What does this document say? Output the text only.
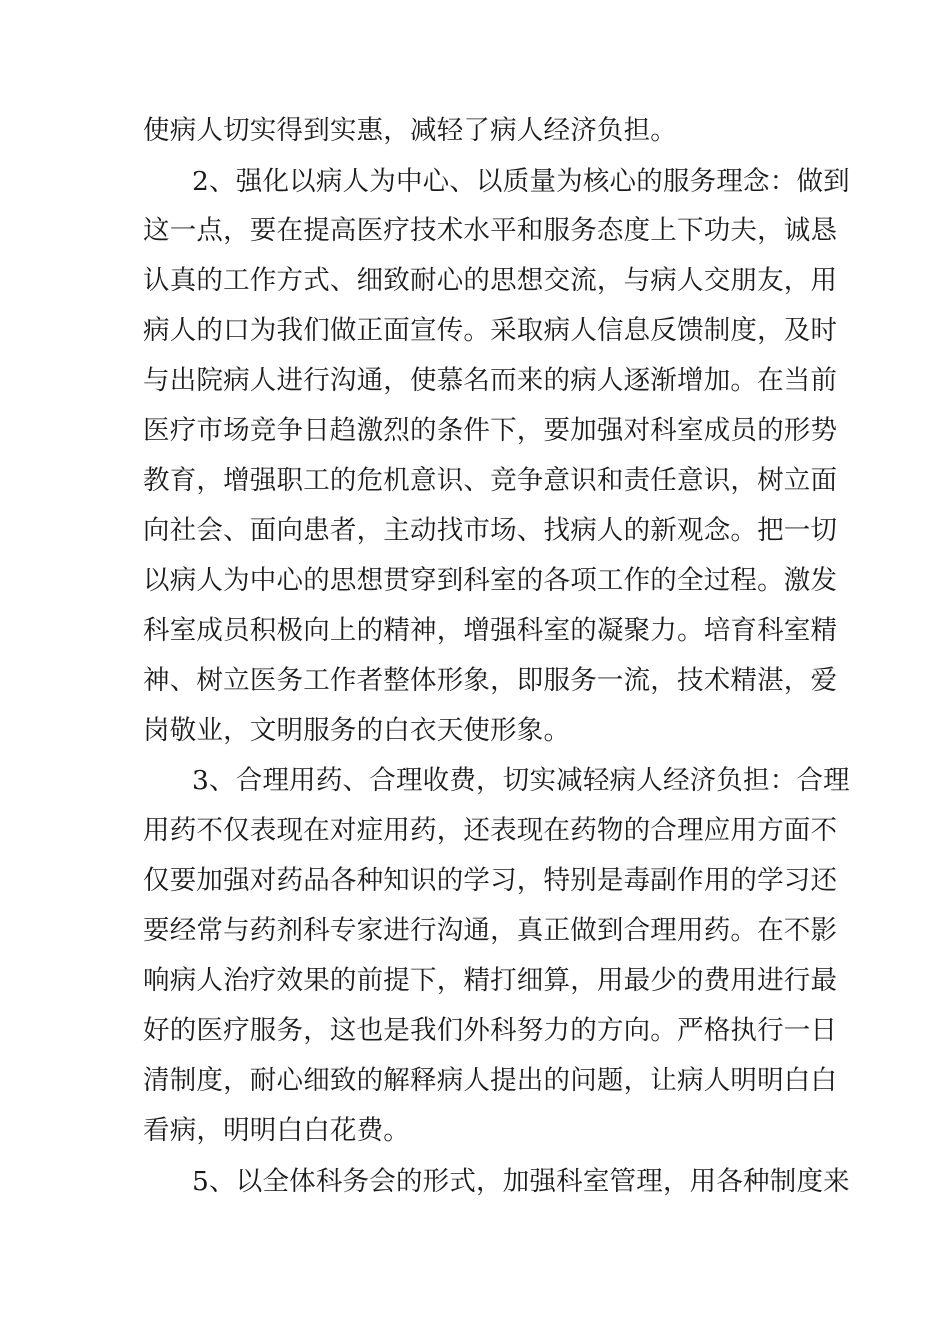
使病人切实得到实惠，减轻了病人经济负担。
2、强化以病人为中心、以质量为核心的服务理念：做到
这一点，要在提高医疗技术水平和服务态度上下功夫，诚恳
认真的工作方式、细致耐心的思想交流，与病人交朋友，用
病人的口为我们做正面宣传。采取病人信息反馈制度，及时
与出院病人进行沟通，使慕名而来的病人逐渐增加。在当前
医疗市场竞争日趋激烈的条件下，要加强对科室成员的形势
教育，增强职工的危机意识、竞争意识和责任意识，树立面
向社会、面向患者，主动找市场、找病人的新观念。把一切
以病人为中心的思想贯穿到科室的各项工作的全过程。激发
科室成员积极向上的精神，增强科室的凝聚力。培育科室精
神、树立医务工作者整体形象，即服务一流，技术精湛，爱
岗敬业，文明服务的白衣天使形象。
3、合理用药、合理收费，切实减轻病人经济负担：合理
用药不仅表现在对症用药，还表现在药物的合理应用方面不
仅要加强对药品各种知识的学习，特别是毒副作用的学习还
要经常与药剂科专家进行沟通，真正做到合理用药。在不影
响病人治疗效果的前提下，精打细算，用最少的费用进行最
好的医疗服务，这也是我们外科努力的方向。严格执行一日
清制度，耐心细致的解释病人提出的问题，让病人明明白白
看病，明明白白花费。
5、以全体科务会的形式，加强科室管理，用各种制度来
